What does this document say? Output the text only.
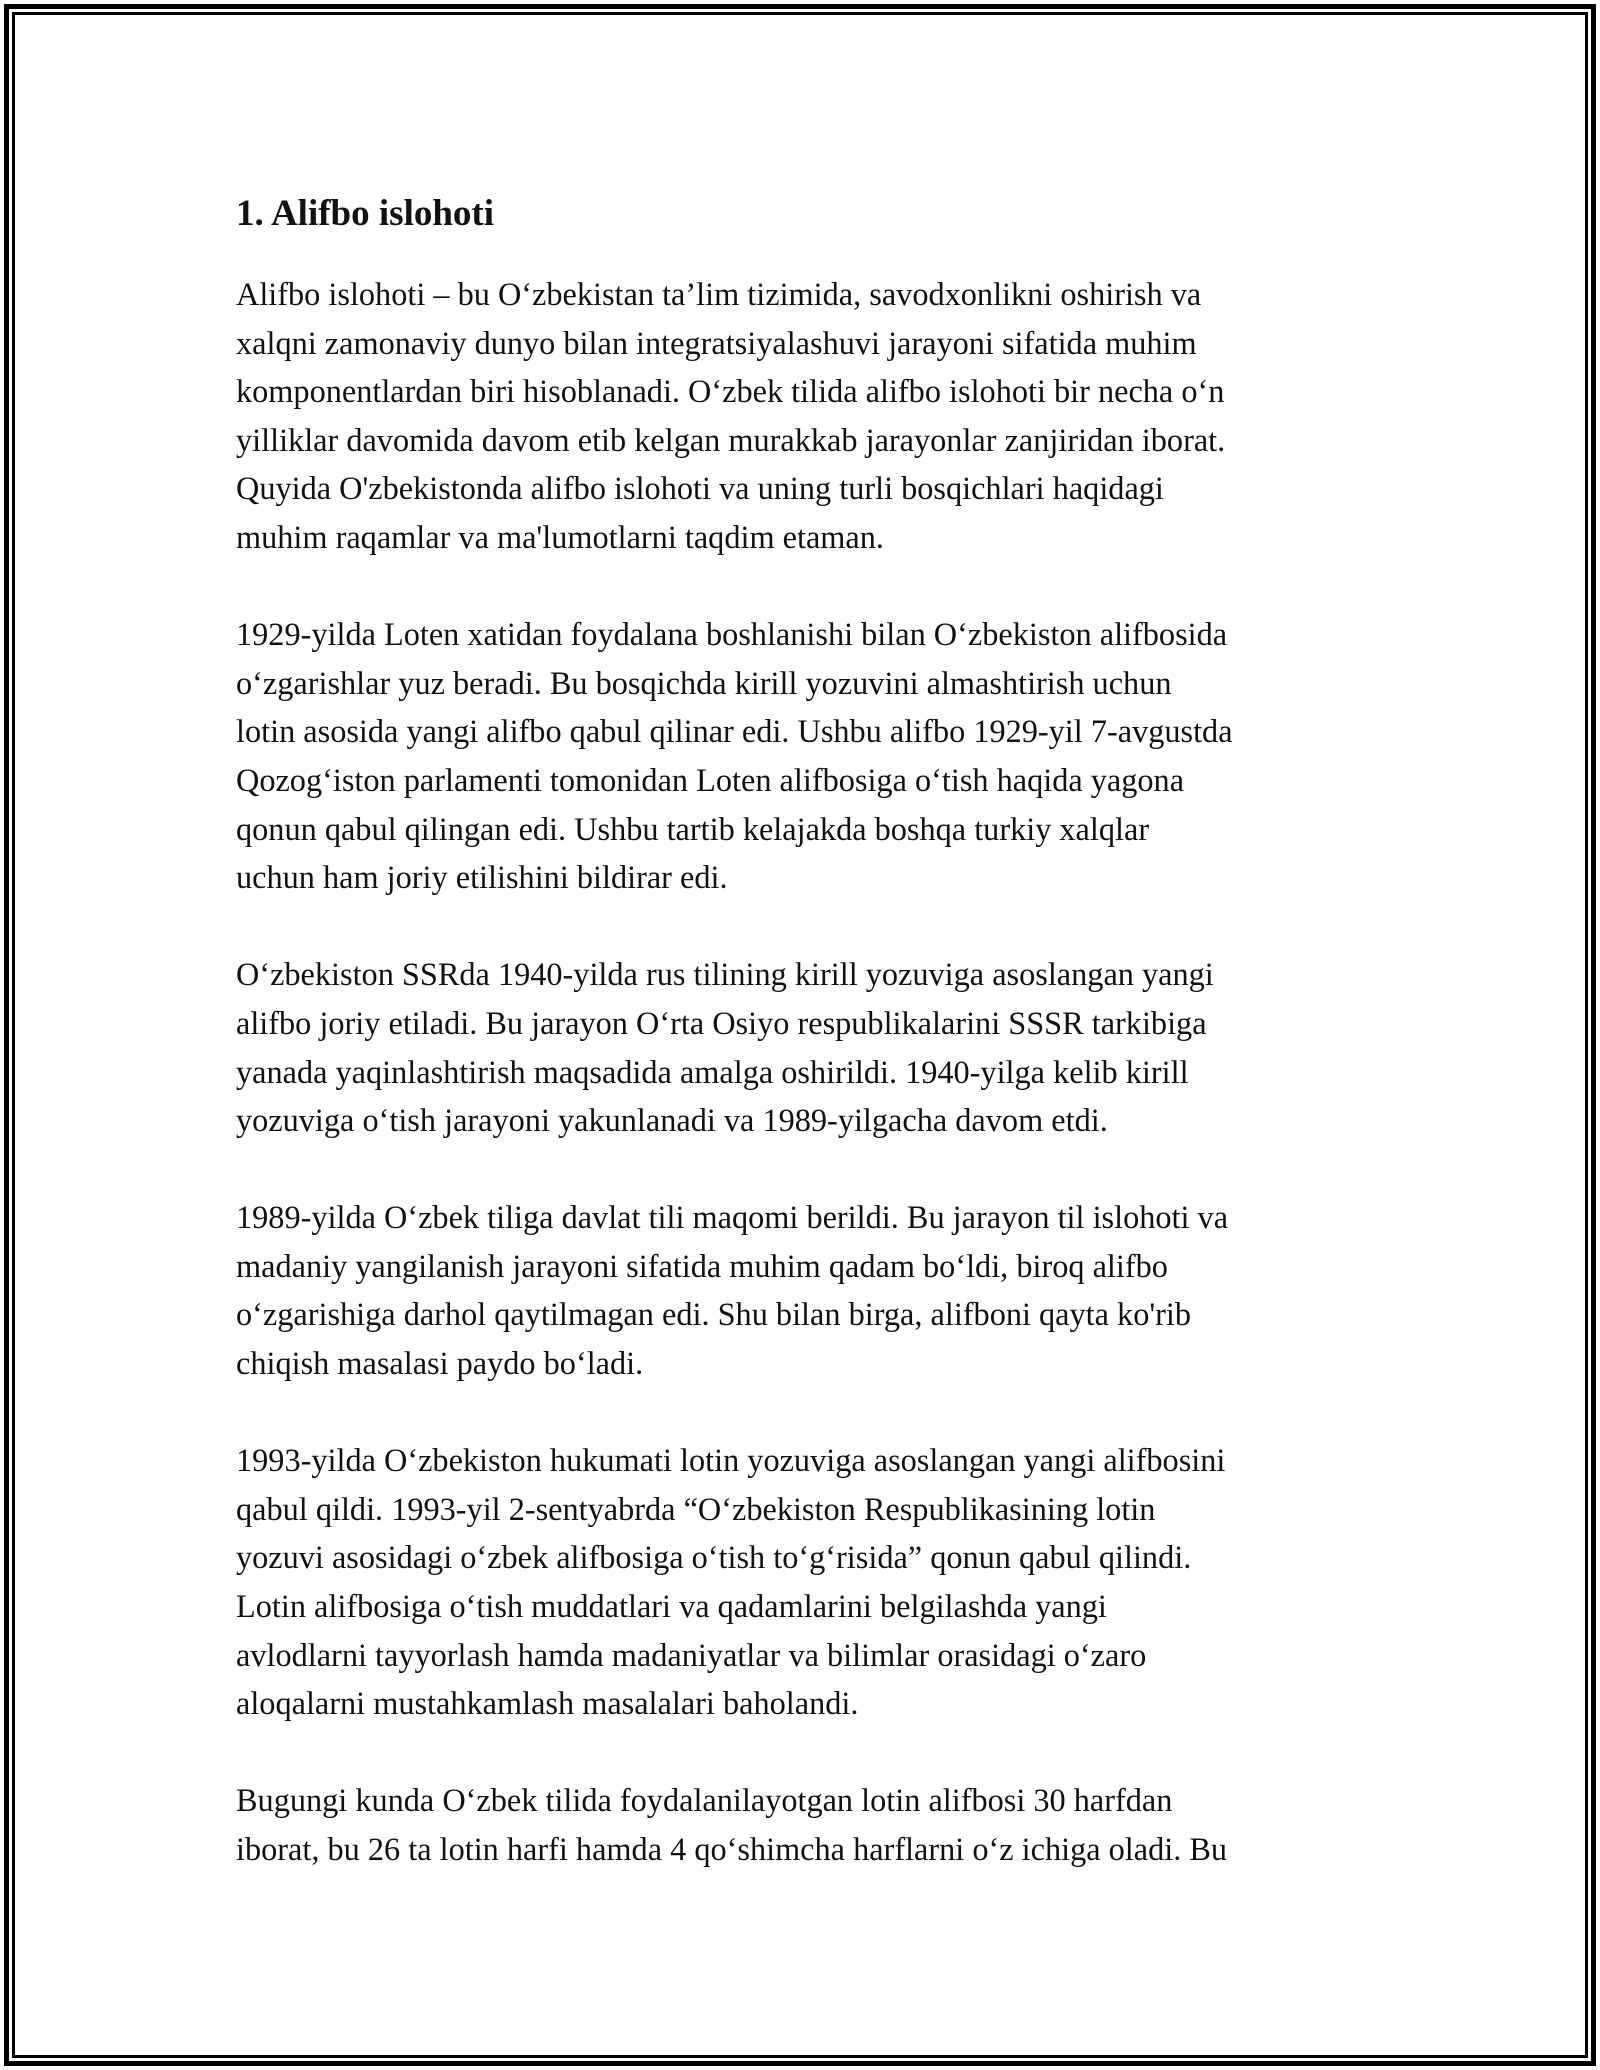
1. Alifbo islohoti

Alifbo islohoti – bu O‘zbekistan ta’lim tizimida, savodxonlikni oshirish va
xalqni zamonaviy dunyo bilan integratsiyalashuvi jarayoni sifatida muhim
komponentlardan biri hisoblanadi. O‘zbek tilida alifbo islohoti bir necha o‘n
yilliklar davomida davom etib kelgan murakkab jarayonlar zanjiridan iborat.
Quyida O'zbekistonda alifbo islohoti va uning turli bosqichlari haqidagi
muhim raqamlar va ma'lumotlarni taqdim etaman.

1929-yilda Loten xatidan foydalana boshlanishi bilan O‘zbekiston alifbosida
o‘zgarishlar yuz beradi. Bu bosqichda kirill yozuvini almashtirish uchun
lotin asosida yangi alifbo qabul qilinar edi. Ushbu alifbo 1929-yil 7-avgustda
Qozog‘iston parlamenti tomonidan Loten alifbosiga o‘tish haqida yagona
qonun qabul qilingan edi. Ushbu tartib kelajakda boshqa turkiy xalqlar
uchun ham joriy etilishini bildirar edi.

O‘zbekiston SSRda 1940-yilda rus tilining kirill yozuviga asoslangan yangi
alifbo joriy etiladi. Bu jarayon O‘rta Osiyo respublikalarini SSSR tarkibiga
yanada yaqinlashtirish maqsadida amalga oshirildi. 1940-yilga kelib kirill
yozuviga o‘tish jarayoni yakunlanadi va 1989-yilgacha davom etdi.

1989-yilda O‘zbek tiliga davlat tili maqomi berildi. Bu jarayon til islohoti va
madaniy yangilanish jarayoni sifatida muhim qadam bo‘ldi, biroq alifbo
o‘zgarishiga darhol qaytilmagan edi. Shu bilan birga, alifboni qayta ko'rib
chiqish masalasi paydo bo‘ladi.

1993-yilda O‘zbekiston hukumati lotin yozuviga asoslangan yangi alifbosini
qabul qildi. 1993-yil 2-sentyabrda “O‘zbekiston Respublikasining lotin
yozuvi asosidagi o‘zbek alifbosiga o‘tish to‘g‘risida” qonun qabul qilindi.
Lotin alifbosiga o‘tish muddatlari va qadamlarini belgilashda yangi
avlodlarni tayyorlash hamda madaniyatlar va bilimlar orasidagi o‘zaro
aloqalarni mustahkamlash masalalari baholandi.

Bugungi kunda O‘zbek tilida foydalanilayotgan lotin alifbosi 30 harfdan
iborat, bu 26 ta lotin harfi hamda 4 qo‘shimcha harflarni o‘z ichiga oladi. Bu
